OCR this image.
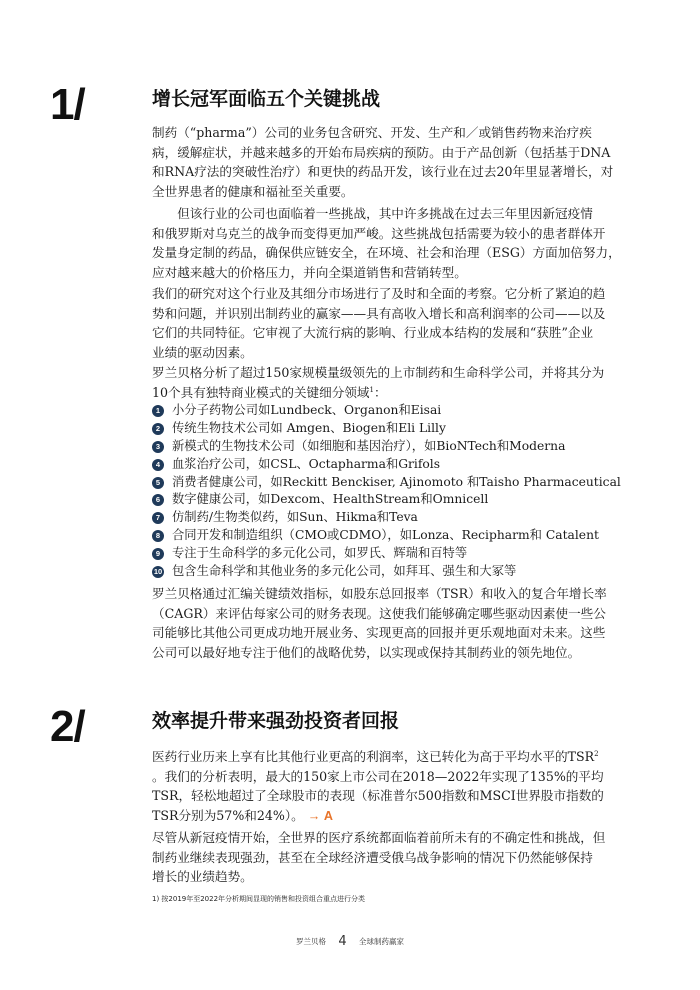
1/	增长冠军面临五个关键挑战
制药（“pharma”）公司的业务包含研究、开发、生产和／或销售药物来治疗疾
病，缓解症状，并越来越多的开始布局疾病的预防。由于产品创新（包括基于DNA
和RNA疗法的突破性治疗）和更快的药品开发，该行业在过去20年里显著增长，对
全世界患者的健康和福祉至关重要。
　　但该行业的公司也面临着一些挑战，其中许多挑战在过去三年里因新冠疫情
和俄罗斯对乌克兰的战争而变得更加严峻。这些挑战包括需要为较小的患者群体开
发量身定制的药品，确保供应链安全，在环境、社会和治理（ESG）方面加倍努力，
应对越来越大的价格压力，并向全渠道销售和营销转型。
我们的研究对这个行业及其细分市场进行了及时和全面的考察。它分析了紧迫的趋
势和问题，并识别出制药业的赢家——具有高收入增长和高利润率的公司——以及
它们的共同特征。它审视了大流行病的影响、行业成本结构的发展和“获胜”企业
业绩的驱动因素。
罗兰贝格分析了超过150家规模量级领先的上市制药和生命科学公司，并将其分为
10个具有独特商业模式的关键细分领域$^1$：
1 小分子药物公司如Lundbeck、Organon和Eisai
2 传统生物技术公司如 Amgen、Biogen和Eli Lilly
3 新模式的生物技术公司（如细胞和基因治疗），如BioNTech和Moderna
4 血浆治疗公司，如CSL、Octapharma和Grifols
5 消费者健康公司，如Reckitt Benckiser, Ajinomoto 和Taisho Pharmaceutical
6 数字健康公司，如Dexcom、HealthStream和Omnicell
7 仿制药/生物类似药，如Sun、Hikma和Teva
8 合同开发和制造组织（CMO或CDMO），如Lonza、Recipharm和 Catalent
9 专注于生命科学的多元化公司，如罗氏、辉瑞和百特等
10 包含生命科学和其他业务的多元化公司，如拜耳、强生和大冢等
罗兰贝格通过汇编关键绩效指标，如股东总回报率（TSR）和收入的复合年增长率
（CAGR）来评估每家公司的财务表现。这使我们能够确定哪些驱动因素使一些公
司能够比其他公司更成功地开展业务、实现更高的回报并更乐观地面对未来。这些
公司可以最好地专注于他们的战略优势，以实现或保持其制药业的领先地位。
2/	效率提升带来强劲投资者回报
医药行业历来上享有比其他行业更高的利润率，这已转化为高于平均水平的TSR$^2$
。我们的分析表明，最大的150家上市公司在2018—2022年实现了135%的平均
TSR，轻松地超过了全球股市的表现（标准普尔500指数和MSCI世界股市指数的
TSR分别为57%和24%）。 → A
尽管从新冠疫情开始，全世界的医疗系统都面临着前所未有的不确定性和挑战，但
制药业继续表现强劲，甚至在全球经济遭受俄乌战争影响的情况下仍然能够保持
增长的业绩趋势。
1) 按2019年至2022年分析期间显现的销售和投资组合重点进行分类
罗兰贝格 4 全球制药赢家
